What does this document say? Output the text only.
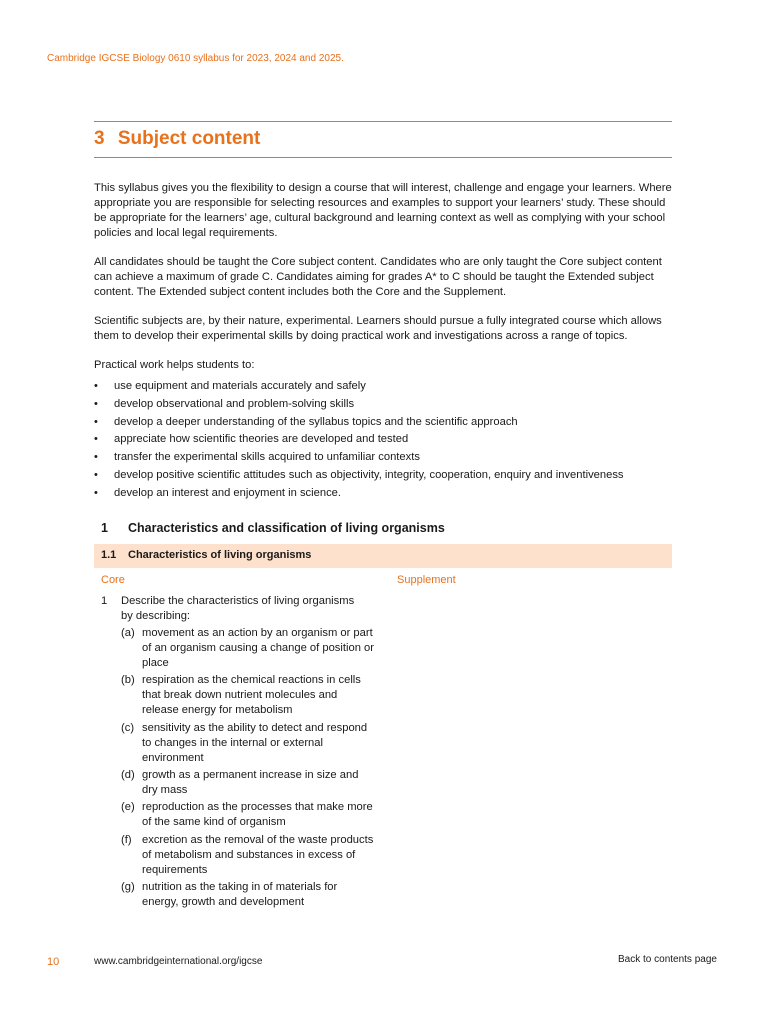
Cambridge IGCSE Biology 0610 syllabus for 2023, 2024 and 2025.
3 Subject content

This syllabus gives you the flexibility to design a course that will interest, challenge and engage your learners. Where appropriate you are responsible for selecting resources and examples to support your learners’ study. These should be appropriate for the learners’ age, cultural background and learning context as well as complying with your school policies and local legal requirements.

All candidates should be taught the Core subject content. Candidates who are only taught the Core subject content can achieve a maximum of grade C. Candidates aiming for grades A* to C should be taught the Extended subject content. The Extended subject content includes both the Core and the Supplement.

Scientific subjects are, by their nature, experimental. Learners should pursue a fully integrated course which allows them to develop their experimental skills by doing practical work and investigations across a range of topics.

Practical work helps students to:

• use equipment and materials accurately and safely
• develop observational and problem-solving skills
• develop a deeper understanding of the syllabus topics and the scientific approach
• appreciate how scientific theories are developed and tested
• transfer the experimental skills acquired to unfamiliar contexts
• develop positive scientific attitudes such as objectivity, integrity, cooperation, enquiry and inventiveness
• develop an interest and enjoyment in science.
1 Characteristics and classification of living organisms
1.1 Characteristics of living organisms
Core	Supplement
1 Describe the characteristics of living organisms by describing:
(a) movement as an action by an organism or part of an organism causing a change of position or place
(b) respiration as the chemical reactions in cells that break down nutrient molecules and release energy for metabolism
(c) sensitivity as the ability to detect and respond to changes in the internal or external environment
(d) growth as a permanent increase in size and dry mass
(e) reproduction as the processes that make more of the same kind of organism
(f) excretion as the removal of the waste products of metabolism and substances in excess of requirements
(g) nutrition as the taking in of materials for energy, growth and development
10	www.cambridgeinternational.org/igcse	Back to contents page
